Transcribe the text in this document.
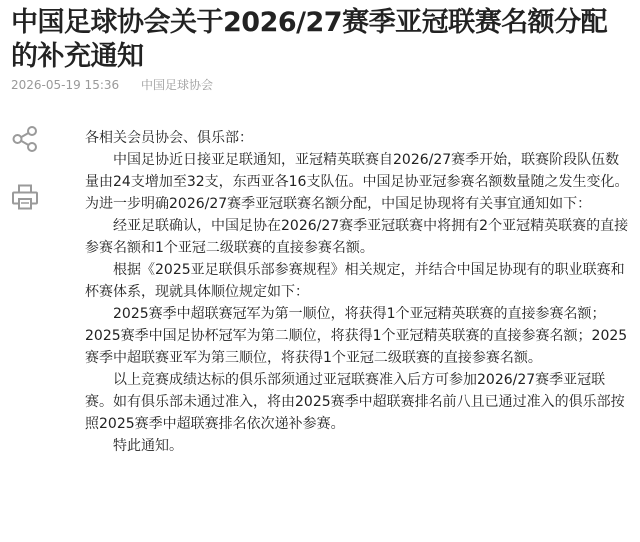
中国足球协会关于2026/27赛季亚冠联赛名额分配的补充通知
2026-05-19 15:36 中国足球协会

各相关会员协会、俱乐部：

中国足协近日接亚足联通知，亚冠精英联赛自2026/27赛季开始，联赛阶段队伍数量由24支增加至32支，东西亚各16支队伍。中国足协亚冠参赛名额数量随之发生变化。为进一步明确2026/27赛季亚冠联赛名额分配，中国足协现将有关事宜通知如下：

经亚足联确认，中国足协在2026/27赛季亚冠联赛中将拥有2个亚冠精英联赛的直接参赛名额和1个亚冠二级联赛的直接参赛名额。

根据《2025亚足联俱乐部参赛规程》相关规定，并结合中国足协现有的职业联赛和杯赛体系，现就具体顺位规定如下：

2025赛季中超联赛冠军为第一顺位，将获得1个亚冠精英联赛的直接参赛名额；2025赛季中国足协杯冠军为第二顺位，将获得1个亚冠精英联赛的直接参赛名额；2025赛季中超联赛亚军为第三顺位，将获得1个亚冠二级联赛的直接参赛名额。

以上竞赛成绩达标的俱乐部须通过亚冠联赛准入后方可参加2026/27赛季亚冠联赛。如有俱乐部未通过准入，将由2025赛季中超联赛排名前八且已通过准入的俱乐部按照2025赛季中超联赛排名依次递补参赛。

特此通知。
